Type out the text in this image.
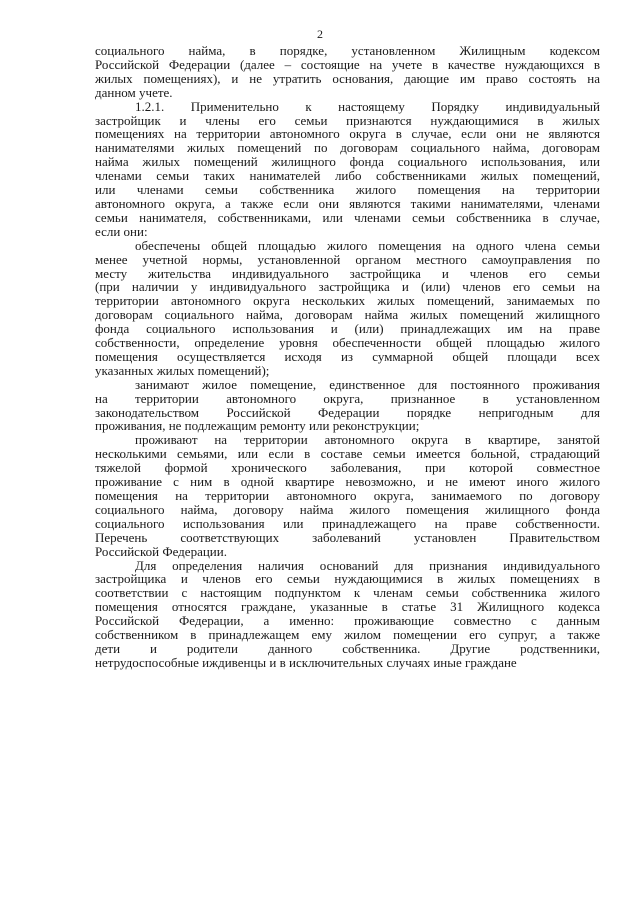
2
социального найма, в порядке, установленном Жилищным кодексом
Российской Федерации (далее – состоящие на учете в качестве нуждающихся в
жилых помещениях), и не утратить основания, дающие им право состоять на
данном учете.
1.2.1. Применительно к настоящему Порядку индивидуальный
застройщик и члены его семьи признаются нуждающимися в жилых
помещениях на территории автономного округа в случае, если они не являются
нанимателями жилых помещений по договорам социального найма, договорам
найма жилых помещений жилищного фонда социального использования, или
членами семьи таких нанимателей либо собственниками жилых помещений,
или членами семьи собственника жилого помещения на территории
автономного округа, а также если они являются такими нанимателями, членами
семьи нанимателя, собственниками, или членами семьи собственника в случае,
если они:
обеспечены общей площадью жилого помещения на одного члена семьи
менее учетной нормы, установленной органом местного самоуправления по
месту жительства индивидуального застройщика и членов его семьи
(при наличии у индивидуального застройщика и (или) членов его семьи на
территории автономного округа нескольких жилых помещений, занимаемых по
договорам социального найма, договорам найма жилых помещений жилищного
фонда социального использования и (или) принадлежащих им на праве
собственности, определение уровня обеспеченности общей площадью жилого
помещения осуществляется исходя из суммарной общей площади всех
указанных жилых помещений);
занимают жилое помещение, единственное для постоянного проживания
на территории автономного округа, признанное в установленном
законодательством Российской Федерации порядке непригодным для
проживания, не подлежащим ремонту или реконструкции;
проживают на территории автономного округа в квартире, занятой
несколькими семьями, или если в составе семьи имеется больной, страдающий
тяжелой формой хронического заболевания, при которой совместное
проживание с ним в одной квартире невозможно, и не имеют иного жилого
помещения на территории автономного округа, занимаемого по договору
социального найма, договору найма жилого помещения жилищного фонда
социального использования или принадлежащего на праве собственности.
Перечень соответствующих заболеваний установлен Правительством
Российской Федерации.
Для определения наличия оснований для признания индивидуального
застройщика и членов его семьи нуждающимися в жилых помещениях в
соответствии с настоящим подпунктом к членам семьи собственника жилого
помещения относятся граждане, указанные в статье 31 Жилищного кодекса
Российской Федерации, а именно: проживающие совместно с данным
собственником в принадлежащем ему жилом помещении его супруг, а также
дети и родители данного собственника. Другие родственники,
нетрудоспособные иждивенцы и в исключительных случаях иные граждане
